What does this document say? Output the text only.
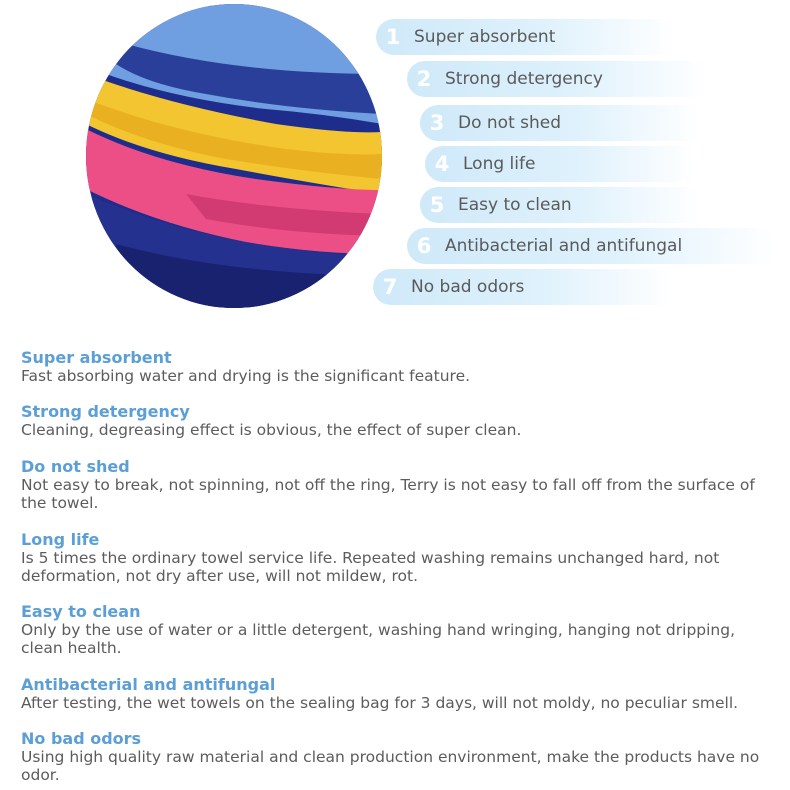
1 Super absorbent
2 Strong detergency
3 Do not shed
4 Long life
5 Easy to clean
6 Antibacterial and antifungal
7 No bad odors
Super absorbent

Fast absorbing water and drying is the significant feature.

Strong detergency

Cleaning, degreasing effect is obvious, the effect of super clean.

Do not shed

Not easy to break, not spinning, not off the ring, Terry is not easy to fall off from the surface of the towel.

Long life

Is 5 times the ordinary towel service life. Repeated washing remains unchanged hard, not deformation, not dry after use, will not mildew, rot.

Easy to clean

Only by the use of water or a little detergent, washing hand wringing, hanging not dripping, clean health.

Antibacterial and antifungal

After testing, the wet towels on the sealing bag for 3 days, will not moldy, no peculiar smell.

No bad odors

Using high quality raw material and clean production environment, make the products have no odor.
